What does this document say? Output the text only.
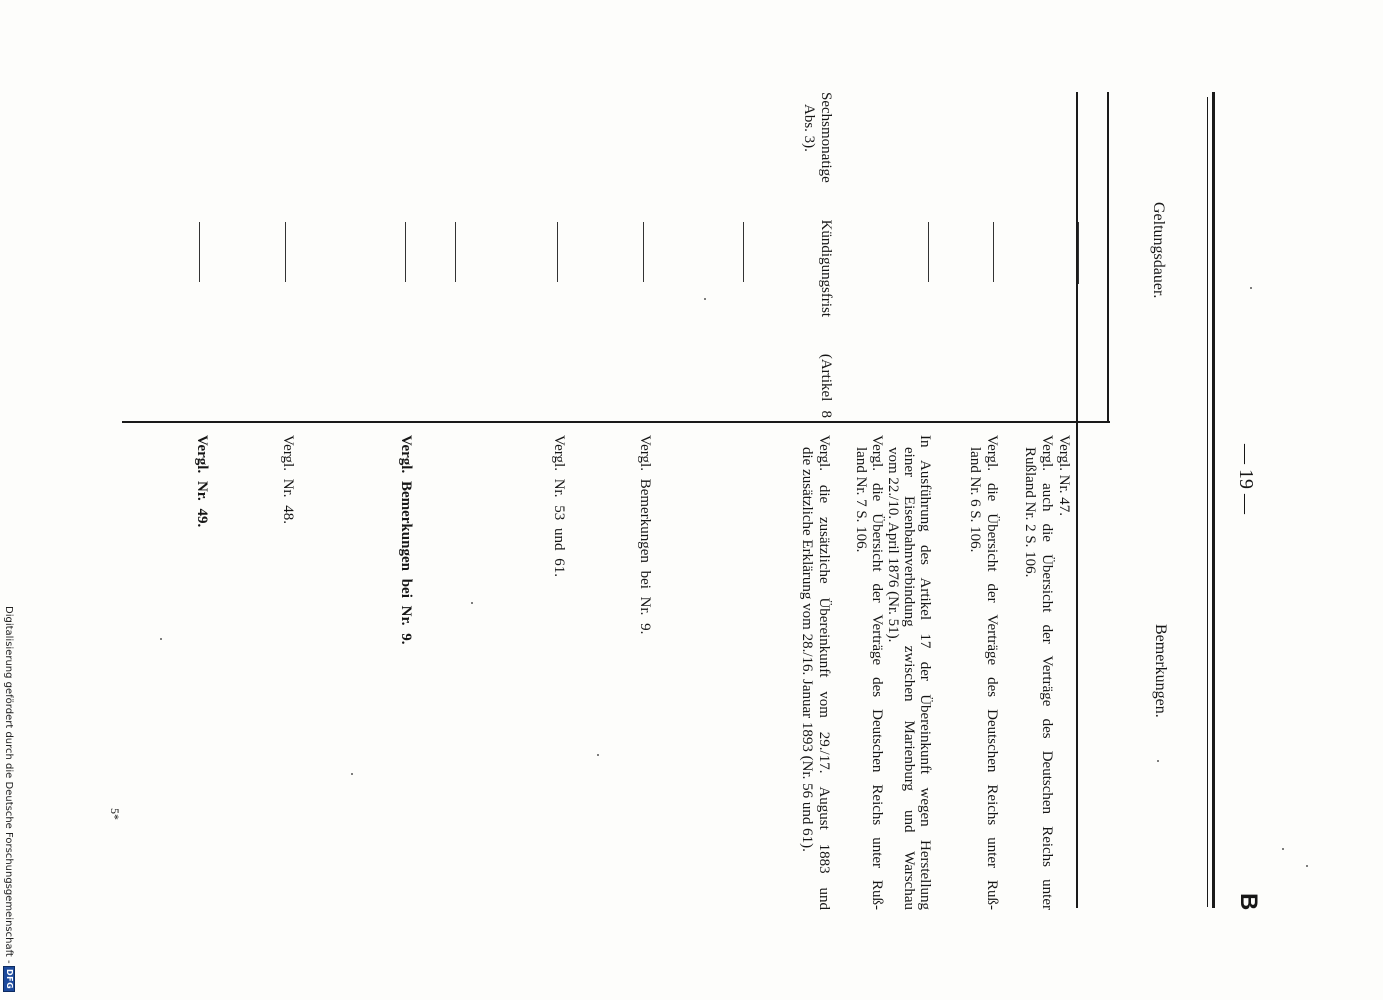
B
— 19 —
Geltungsdauer.
Bemerkungen.
Sechsmonatige    Kündigungsfrist    (Artikel 8
Abs. 3).
Vergl. Nr. 47.
Vergl. auch die Übersicht der Verträge des Deutschen Reichs unter
Rußland Nr. 2 S. 106.
Vergl. die Übersicht der Verträge des Deutschen Reichs unter Ruß-
land Nr. 6 S. 106.
In Ausführung des Artikel 17 der Übereinkunft wegen Herstellung
einer Eisenbahnverbindung zwischen Marienburg und Warschau
vom 22./10. April 1876 (Nr. 51).
Vergl. die Übersicht der Verträge des Deutschen Reichs unter Ruß-
land Nr. 7 S. 106.
Vergl. die zusätzliche Übereinkunft vom 29./17. August 1883 und
die zusätzliche Erklärung vom 28./16. Januar 1893 (Nr. 56 und 61).
Vergl. Bemerkungen bei Nr. 9.
Vergl. Nr. 53 und 61.
Vergl. Bemerkungen bei Nr. 9.
Vergl. Nr. 48.
Vergl. Nr. 49.
5*
Digitalisierung gefördert durch die Deutsche Forschungsgemeinschaft -
DFG
